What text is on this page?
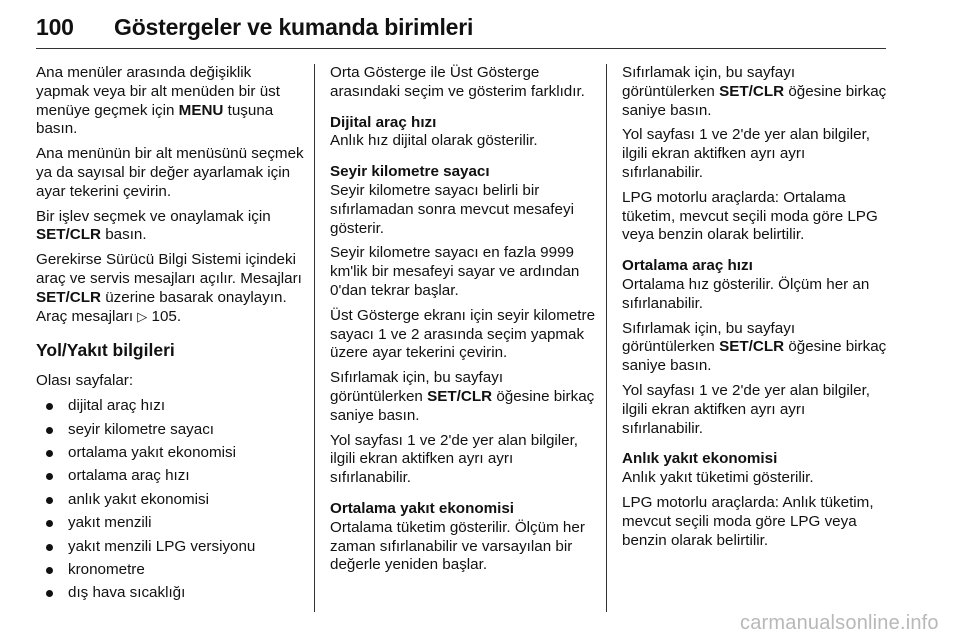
100 Göstergeler ve kumanda birimleri

Ana menüler arasında değişiklik yapmak veya bir alt menüden bir üst menüye geçmek için MENU tuşuna basın.

Ana menünün bir alt menüsünü seçmek ya da sayısal bir değer ayarlamak için ayar tekerini çevirin.

Bir işlev seçmek ve onaylamak için SET/CLR basın.

Gerekirse Sürücü Bilgi Sistemi içindeki araç ve servis mesajları açılır. Mesajları SET/CLR üzerine basarak onaylayın. Araç mesajları ▷ 105.

Yol/Yakıt bilgileri

Olası sayfalar:

dijital araç hızı
seyir kilometre sayacı
ortalama yakıt ekonomisi
ortalama araç hızı
anlık yakıt ekonomisi
yakıt menzili
yakıt menzili LPG versiyonu
kronometre
dış hava sıcaklığı

Orta Gösterge ile Üst Gösterge arasındaki seçim ve gösterim farklıdır.

Dijital araç hızı

Anlık hız dijital olarak gösterilir.

Seyir kilometre sayacı

Seyir kilometre sayacı belirli bir sıfırlamadan sonra mevcut mesafeyi gösterir.

Seyir kilometre sayacı en fazla 9999 km'lik bir mesafeyi sayar ve ardından 0'dan tekrar başlar.

Üst Gösterge ekranı için seyir kilometre sayacı 1 ve 2 arasında seçim yapmak üzere ayar tekerini çevirin.

Sıfırlamak için, bu sayfayı görüntülerken SET/CLR öğesine birkaç saniye basın.

Yol sayfası 1 ve 2'de yer alan bilgiler, ilgili ekran aktifken ayrı ayrı sıfırlanabilir.

Ortalama yakıt ekonomisi

Ortalama tüketim gösterilir. Ölçüm her zaman sıfırlanabilir ve varsayılan bir değerle yeniden başlar.

Sıfırlamak için, bu sayfayı görüntülerken SET/CLR öğesine birkaç saniye basın.

Yol sayfası 1 ve 2'de yer alan bilgiler, ilgili ekran aktifken ayrı ayrı sıfırlanabilir.

LPG motorlu araçlarda: Ortalama tüketim, mevcut seçili moda göre LPG veya benzin olarak belirtilir.

Ortalama araç hızı

Ortalama hız gösterilir. Ölçüm her an sıfırlanabilir.

Sıfırlamak için, bu sayfayı görüntülerken SET/CLR öğesine birkaç saniye basın.

Yol sayfası 1 ve 2'de yer alan bilgiler, ilgili ekran aktifken ayrı ayrı sıfırlanabilir.

Anlık yakıt ekonomisi

Anlık yakıt tüketimi gösterilir.

LPG motorlu araçlarda: Anlık tüketim, mevcut seçili moda göre LPG veya benzin olarak belirtilir.

carmanualsonline.info
